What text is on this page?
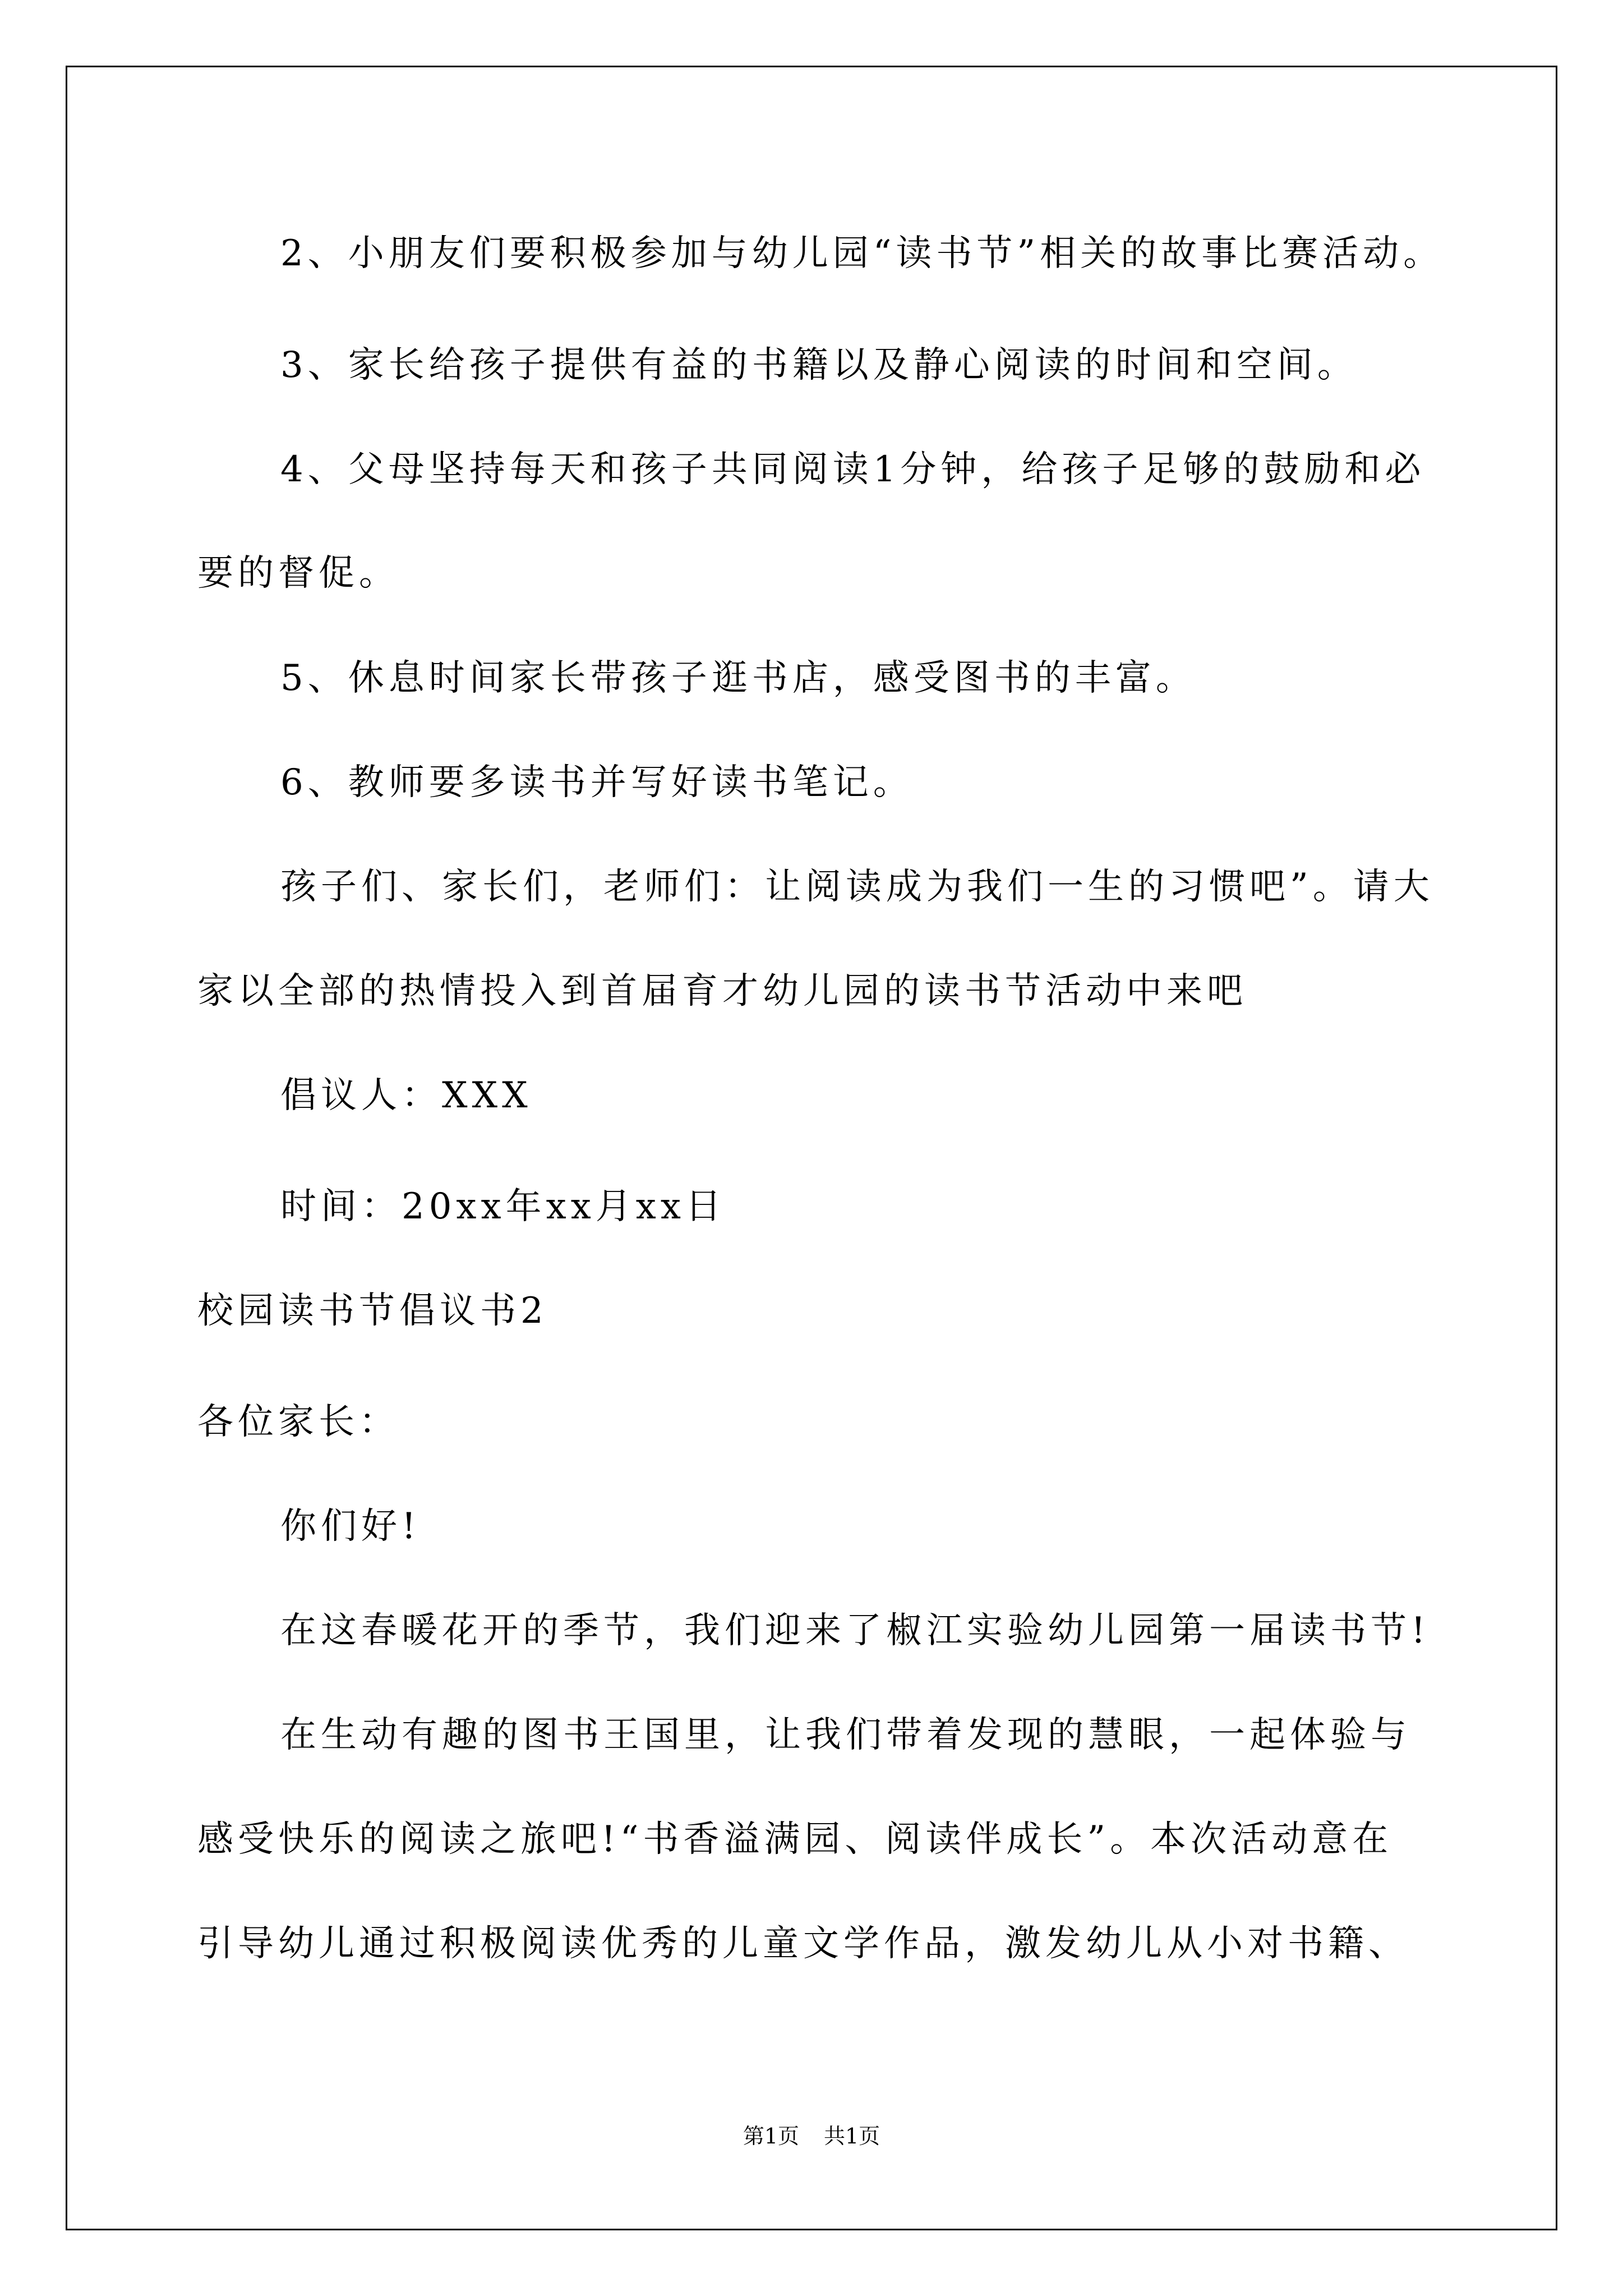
2、小朋友们要积极参加与幼儿园“读书节”相关的故事比赛活动。
3、家长给孩子提供有益的书籍以及静心阅读的时间和空间。
4、父母坚持每天和孩子共同阅读1分钟，给孩子足够的鼓励和必
要的督促。
5、休息时间家长带孩子逛书店，感受图书的丰富。
6、教师要多读书并写好读书笔记。
孩子们、家长们，老师们：让阅读成为我们一生的习惯吧”。请大
家以全部的热情投入到首届育才幼儿园的读书节活动中来吧
倡议人：XXX
时间：20xx年xx月xx日
校园读书节倡议书2
各位家长：
你们好!
在这春暖花开的季节，我们迎来了椒江实验幼儿园第一届读书节!
在生动有趣的图书王国里，让我们带着发现的慧眼，一起体验与
感受快乐的阅读之旅吧!“书香溢满园、阅读伴成长”。本次活动意在
引导幼儿通过积极阅读优秀的儿童文学作品，激发幼儿从小对书籍、
第1页 共1页
